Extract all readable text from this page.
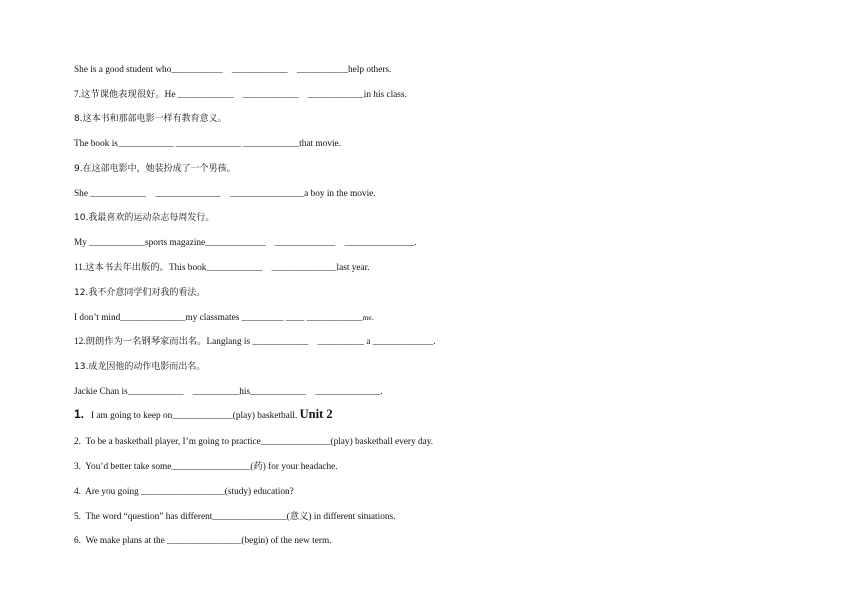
She is a good student who___________    ____________    ___________help others.
7.这节课他表现很好。He ____________    ____________    ____________in his class.
8.这本书和那部电影一样有教育意义。
The book is____________ ______________ ____________that movie.
9.在这部电影中，她装扮成了一个男孩。
She ____________    ______________    ________________a boy in the movie.
10.我最喜欢的运动杂志每周发行。
My ____________sports magazine_____________    _____________    _______________.
11.这本书去年出版的。This book____________    ______________last year.
12.我不介意同学们对我的看法。
I don’t mind______________my classmates _________ ____ ____________me.
12.朗朗作为一名钢琴家而出名。Langlang is ____________    __________ a _____________.
13.成龙因他的动作电影而出名。
Jackie Chan is____________    __________his____________    ______________.
1.   I am going to keep on_____________(play) basketball. Unit 2
2.  To be a basketball player, I’m going to practice_______________(play) basketball every day.
3.  You’d better take some_________________(药) for your headache.
4.  Are you going __________________(study) education?
5.  The word “question” has different________________(意义) in different situations.
6.  We make plans at the ________________(begin) of the new term.
